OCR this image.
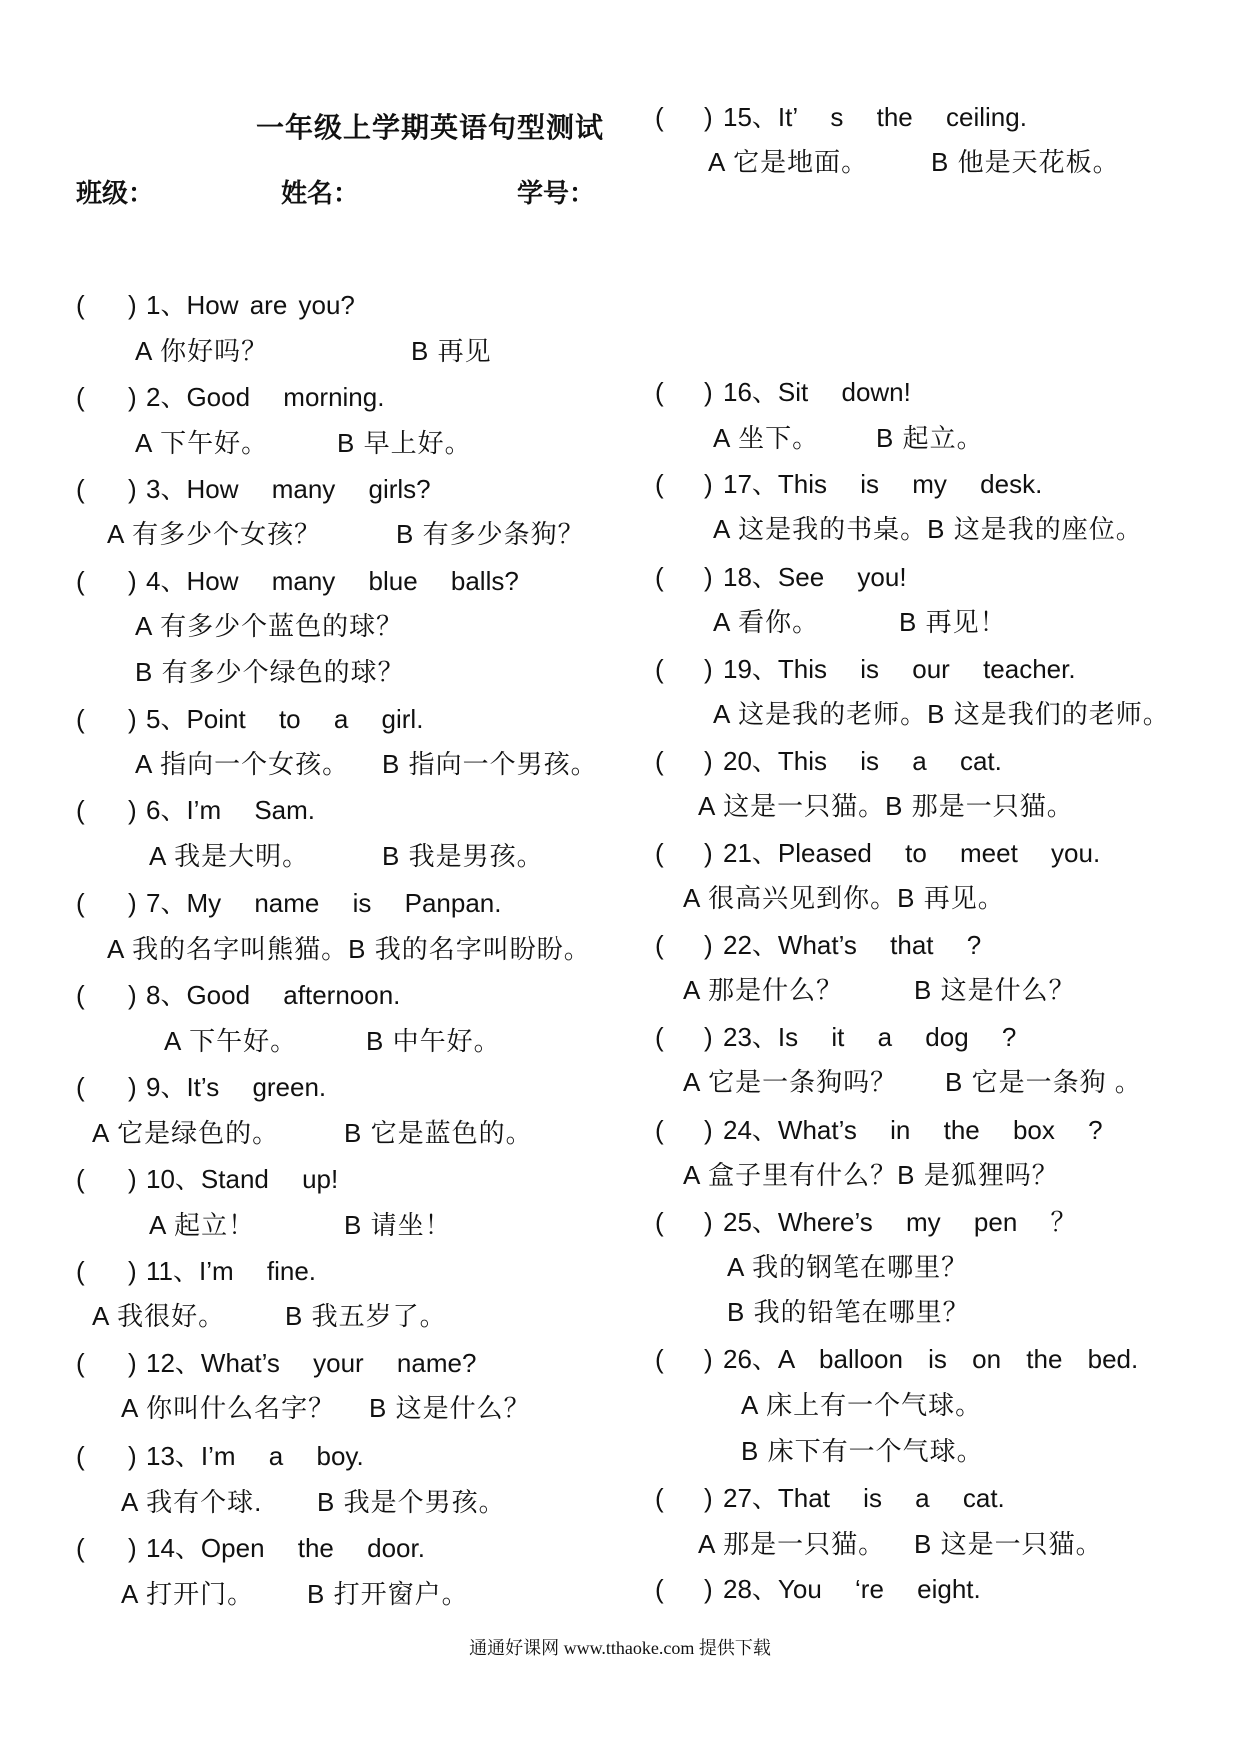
一年级上学期英语句型测试
班级：	姓名：	学号：
( ) 1、How are you?
A 你好吗？	B 再见
( ) 2、Good morning.
A 下午好。	B 早上好。
( ) 3、How many girls?
A 有多少个女孩？	B 有多少条狗？
( ) 4、How many blue balls?
A 有多少个蓝色的球？
B 有多少个绿色的球？
( ) 5、Point to a girl.
A 指向一个女孩。 B 指向一个男孩。
( ) 6、I’m Sam.
A 我是大明。	B 我是男孩。
( ) 7、My name is Panpan.
A 我的名字叫熊猫。B 我的名字叫盼盼。
( ) 8、Good afternoon.
A 下午好。	B 中午好。
( ) 9、It’s green.
A 它是绿色的。 B 它是蓝色的。
( ) 10、Stand up!
A 起立！	B 请坐！
( ) 11、I’m fine.
A 我很好。 B 我五岁了。
( ) 12、What’s your name?
A 你叫什么名字？ B 这是什么？
( ) 13、I’m a boy.
A 我有个球. B 我是个男孩。
( ) 14、Open the door.
A 打开门。 B 打开窗户。
( ) 15、It’ s the ceiling.
A 它是地面。 B 他是天花板。
( ) 16、Sit down!
A 坐下。 B 起立。
( ) 17、This is my desk.
A 这是我的书桌。B 这是我的座位。
( ) 18、See you!
A 看你。	B 再见！
( ) 19、This is our teacher.
A 这是我的老师。B 这是我们的老师。
( ) 20、This is a cat.
A 这是一只猫。B 那是一只猫。
( ) 21、Pleased to meet you.
A 很高兴见到你。B 再见。
( ) 22、What’s that ?
A 那是什么？	B 这是什么？
( ) 23、Is it a dog ?
A 它是一条狗吗？ B 它是一条狗 。
( ) 24、What’s in the box ?
A 盒子里有什么？B 是狐狸吗？
( ) 25、Where’s my pen ？
A 我的钢笔在哪里？
B 我的铅笔在哪里？
( ) 26、A balloon is on the bed.
A 床上有一个气球。
B 床下有一个气球。
( ) 27、That is a cat.
A 那是一只猫。 B 这是一只猫。
( ) 28、You ‘re eight.
通通好课网 www.tthaoke.com 提供下载
